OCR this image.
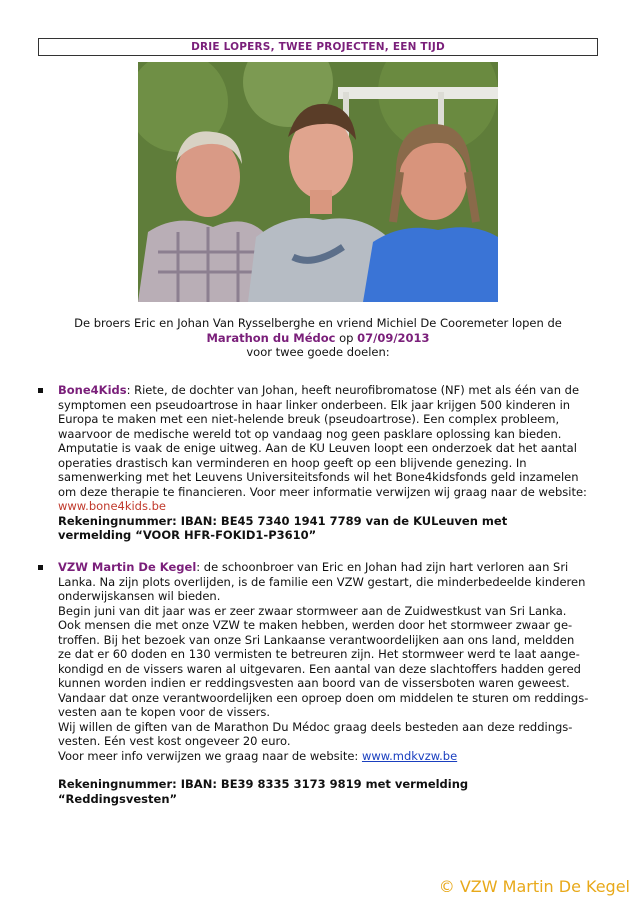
DRIE LOPERS, TWEE PROJECTEN, EEN TIJD

De broers Eric en Johan Van Rysselberghe en vriend Michiel De Cooremeter lopen de

Marathon du Médoc op 07/09/2013

voor twee goede doelen:

Bone4Kids: Riete, de dochter van Johan, heeft neurofibromatose (NF) met als één van de

symptomen een pseudoartrose in haar linker onderbeen. Elk jaar krijgen 500 kinderen in

Europa te maken met een niet-helende breuk (pseudoartrose). Een complex probleem,

waarvoor de medische wereld tot op vandaag nog geen pasklare oplossing kan bieden.

Amputatie is vaak de enige uitweg. Aan de KU Leuven loopt een onderzoek dat het aantal

operaties drastisch kan verminderen en hoop geeft op een blijvende genezing. In

samenwerking met het Leuvens Universiteitsfonds wil het Bone4kidsfonds geld inzamelen

om deze therapie te financieren. Voor meer informatie verwijzen wij graag naar de website:

www.bone4kids.be

Rekeningnummer: IBAN: BE45 7340 1941 7789 van de KULeuven met

vermelding “VOOR HFR-FOKID1-P3610”

VZW Martin De Kegel: de schoonbroer van Eric en Johan had zijn hart verloren aan Sri

Lanka. Na zijn plots overlijden, is de familie een VZW gestart, die minderbedeelde kinderen

onderwijskansen wil bieden.

Begin juni van dit jaar was er zeer zwaar stormweer aan de Zuidwestkust van Sri Lanka.

Ook mensen die met onze VZW te maken hebben, werden door het stormweer zwaar ge-

troffen. Bij het bezoek van onze Sri Lankaanse verantwoordelijken aan ons land, meldden

ze dat er 60 doden en 130 vermisten te betreuren zijn. Het stormweer werd te laat aange-

kondigd en de vissers waren al uitgevaren. Een aantal van deze slachtoffers hadden gered

kunnen worden indien er reddingsvesten aan boord van de vissersboten waren geweest.

Vandaar dat onze verantwoordelijken een oproep doen om middelen te sturen om reddings-

vesten aan te kopen voor de vissers.

Wij willen de giften van de Marathon Du Médoc graag deels besteden aan deze reddings-

vesten. Eén vest kost ongeveer 20 euro.

Voor meer info verwijzen we graag naar de website: www.mdkvzw.be

Rekeningnummer: IBAN: BE39 8335 3173 9819 met vermelding

“Reddingsvesten”

© VZW Martin De Kegel
